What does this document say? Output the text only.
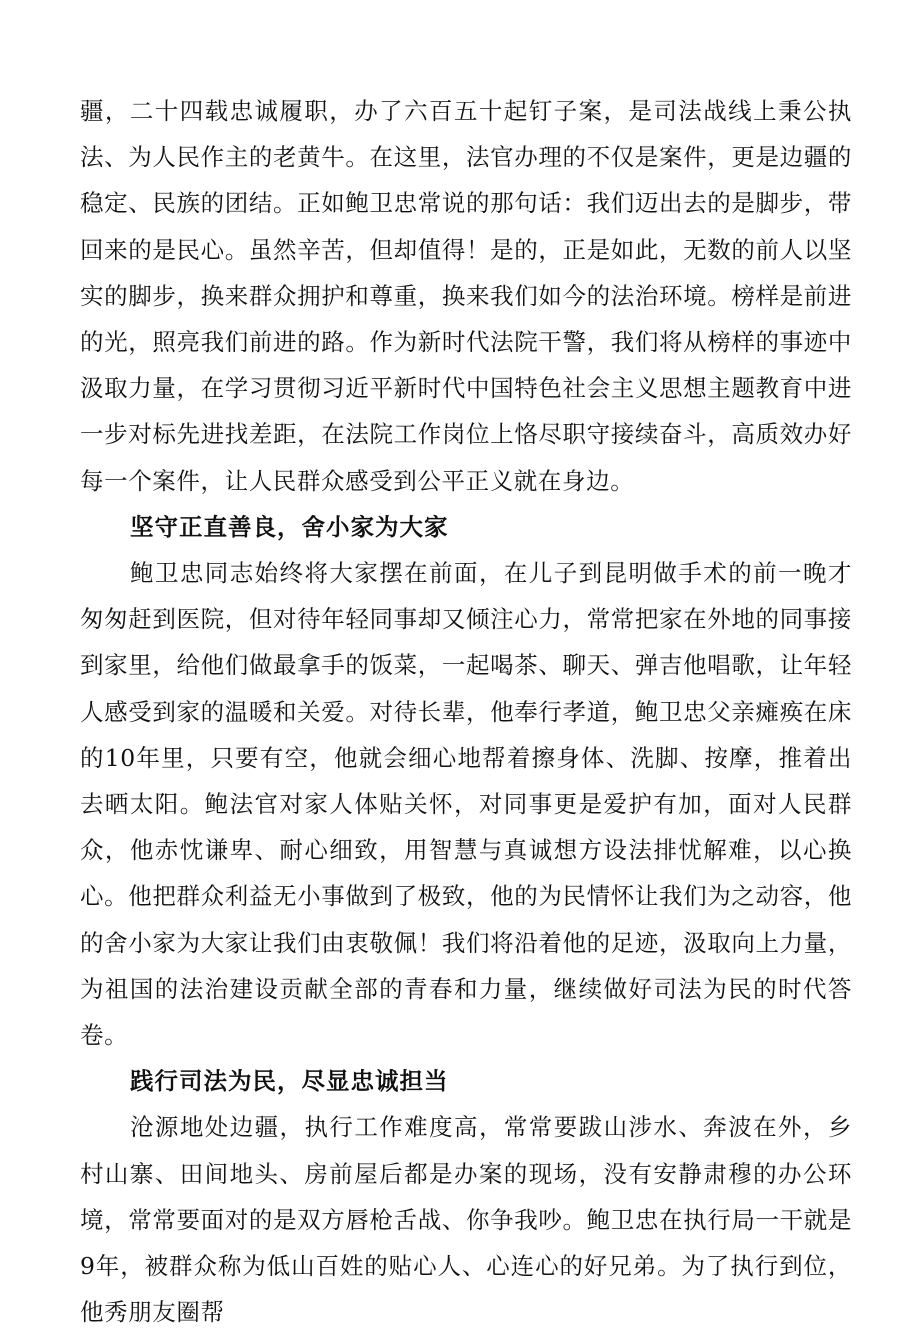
疆，二十四载忠诚履职，办了六百五十起钉子案，是司法战线上秉公执法、为人民作主的老黄牛。在这里，法官办理的不仅是案件，更是边疆的稳定、民族的团结。正如鲍卫忠常说的那句话：我们迈出去的是脚步，带回来的是民心。虽然辛苦，但却值得！是的，正是如此，无数的前人以坚实的脚步，换来群众拥护和尊重，换来我们如今的法治环境。榜样是前进的光，照亮我们前进的路。作为新时代法院干警，我们将从榜样的事迹中汲取力量，在学习贯彻习近平新时代中国特色社会主义思想主题教育中进一步对标先进找差距，在法院工作岗位上恪尽职守接续奋斗，高质效办好每一个案件，让人民群众感受到公平正义就在身边。

坚守正直善良，舍小家为大家

鲍卫忠同志始终将大家摆在前面，在儿子到昆明做手术的前一晚才匆匆赶到医院，但对待年轻同事却又倾注心力，常常把家在外地的同事接到家里，给他们做最拿手的饭菜，一起喝茶、聊天、弹吉他唱歌，让年轻人感受到家的温暖和关爱。对待长辈，他奉行孝道，鲍卫忠父亲瘫痪在床的10年里，只要有空，他就会细心地帮着擦身体、洗脚、按摩，推着出去晒太阳。鲍法官对家人体贴关怀，对同事更是爱护有加，面对人民群众，他赤忱谦卑、耐心细致，用智慧与真诚想方设法排忧解难，以心换心。他把群众利益无小事做到了极致，他的为民情怀让我们为之动容，他的舍小家为大家让我们由衷敬佩！我们将沿着他的足迹，汲取向上力量，为祖国的法治建设贡献全部的青春和力量，继续做好司法为民的时代答卷。

践行司法为民，尽显忠诚担当

沧源地处边疆，执行工作难度高，常常要跋山涉水、奔波在外，乡村山寨、田间地头、房前屋后都是办案的现场，没有安静肃穆的办公环境，常常要面对的是双方唇枪舌战、你争我吵。鲍卫忠在执行局一干就是9年，被群众称为低山百姓的贴心人、心连心的好兄弟。为了执行到位，他秀朋友圈帮
